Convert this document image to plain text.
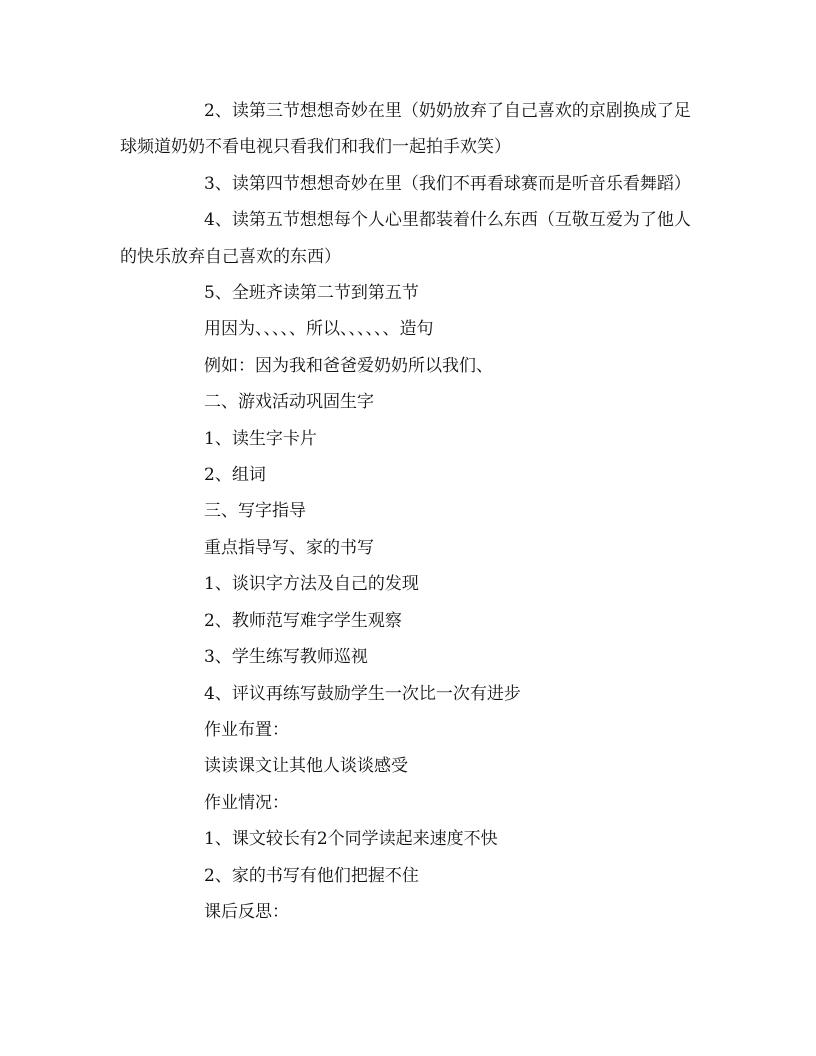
2、读第三节想想奇妙在里（奶奶放弃了自己喜欢的京剧换成了足球频道奶奶不看电视只看我们和我们一起拍手欢笑）

3、读第四节想想奇妙在里（我们不再看球赛而是听音乐看舞蹈）

4、读第五节想想每个人心里都装着什么东西（互敬互爱为了他人的快乐放弃自己喜欢的东西）

5、全班齐读第二节到第五节

用因为、、、、、所以、、、、、、造句

例如：因为我和爸爸爱奶奶所以我们、

二、游戏活动巩固生字

1、读生字卡片

2、组词

三、写字指导

重点指导写、家的书写

1、谈识字方法及自己的发现

2、教师范写难字学生观察

3、学生练写教师巡视

4、评议再练写鼓励学生一次比一次有进步

作业布置：

读读课文让其他人谈谈感受

作业情况：

1、课文较长有2个同学读起来速度不快

2、家的书写有他们把握不住

课后反思：
